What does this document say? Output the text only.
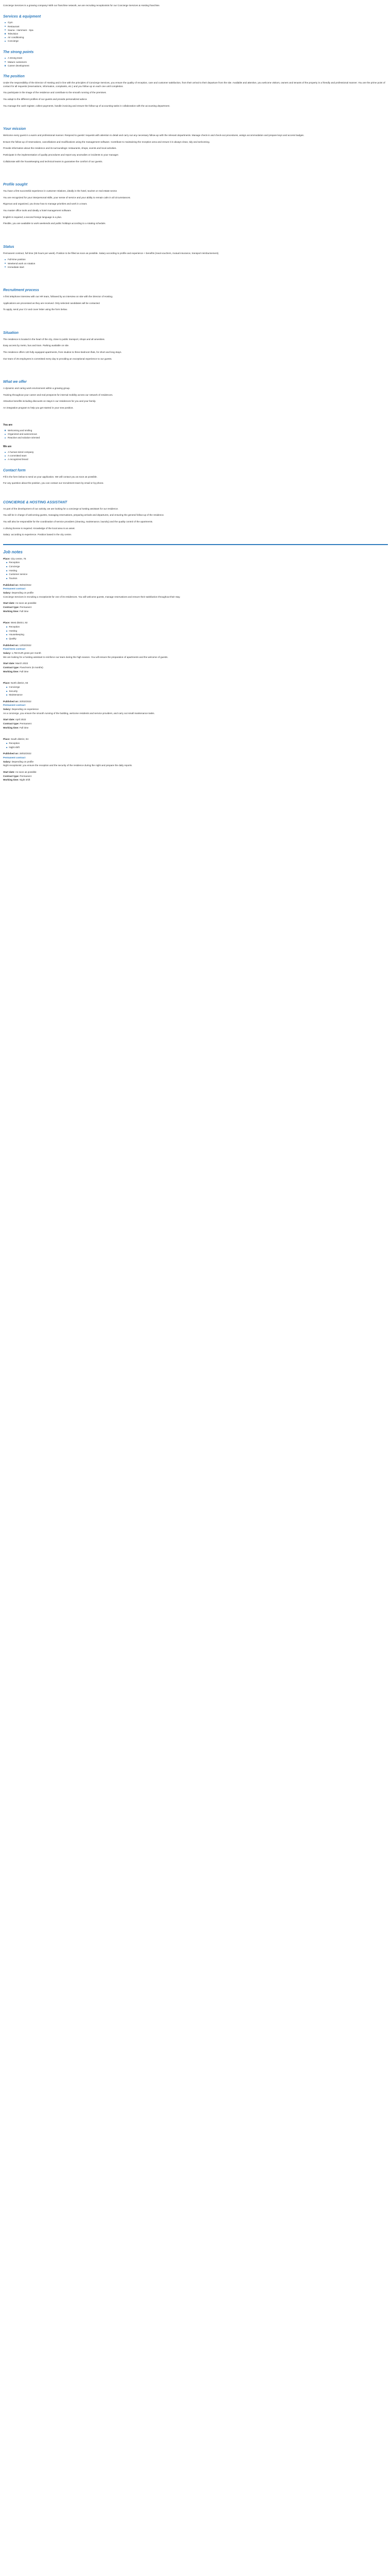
Concierge Services is a growing company! With our franchise network, we are recruiting receptionists for our Concierge Services & Hosting franchise.

Services & equipment
Gym
Restaurant
Sauna - Hammam - Spa
Television
Air conditioning
Concierge
The strong points
A strong team
Mature customers
Career development
The position

Under the responsibility of the Director of Hosting and in line with the principles of Concierge Services, you ensure the quality of reception, care and customer satisfaction, from their arrival to their departure from the site. Available and attentive, you welcome visitors, owners and tenants of the property in a friendly and professional manner. You are the prime point of contact for all requests (reservations, information, complaints, etc.) and you follow up on each one until completion.

You participate in the image of the residence and contribute to the smooth running of the premises.

You adapt to the different profiles of our guests and provide personalized advice.

You manage the cash register, collect payments, handle invoicing and ensure the follow-up of accounting tasks in collaboration with the accounting department.

Your mission

Welcome every guest in a warm and professional manner. Respond to guests' requests with attention to detail and carry out any necessary follow-up with the relevant departments. Manage check-in and check-out procedures, assign accommodation and prepare keys and access badges.

Ensure the follow-up of reservations, cancellations and modifications using the management software. Contribute to maintaining the reception area and ensure it is always clean, tidy and welcoming.

Provide information about the residence and its surroundings: restaurants, shops, events and local activities.

Participate in the implementation of quality procedures and report any anomalies or incidents to your manager.

Collaborate with the housekeeping and technical teams to guarantee the comfort of our guests.

Profile sought

You have a first successful experience in customer relations, ideally in the hotel, tourism or real estate sector.

You are recognized for your interpersonal skills, your sense of service and your ability to remain calm in all circumstances.

Rigorous and organized, you know how to manage priorities and work in a team.

You master office tools and ideally a hotel management software.

English is required; a second foreign language is a plus.

Flexible, you are available to work weekends and public holidays according to a rotating schedule.

Status

Permanent contract, full time (35 hours per week). Position to be filled as soon as possible. Salary according to profile and experience + benefits (meal vouchers, mutual insurance, transport reimbursement).

Full-time position
Weekend work on rotation
Immediate start
Recruitment process

A first telephone interview with our HR team, followed by an interview on site with the Director of Hosting.

Applications are processed as they are received. Only selected candidates will be contacted.

To apply, send your CV and cover letter using the form below.

Situation

The residence is located in the heart of the city, close to public transport, shops and all amenities.

Easy access by metro, bus and tram. Parking available on site.

The residence offers 120 fully equipped apartments, from studios to three-bedroom flats, for short and long stays.

Our team of 25 employees is committed every day to providing an exceptional experience to our guests.

What we offer

A dynamic and caring work environment within a growing group.

Training throughout your career and real prospects for internal mobility across our network of residences.

Attractive benefits including discounts on stays in our residences for you and your family.

An integration program to help you get started in your new position.

You are
Welcoming and smiling
Organized and autonomous
Reactive and solution-oriented
We are
A human-sized company
A committed team
A recognized brand
Contact form

Fill in the form below to send us your application. We will contact you as soon as possible.

For any question about the position, you can contact our recruitment team by email or by phone.

CONCIERGE & HOSTING ASSISTANT

As part of the development of our activity, we are looking for a concierge & hosting assistant for our residence.

You will be in charge of welcoming guests, managing reservations, preparing arrivals and departures, and ensuring the general follow-up of the residence.

You will also be responsible for the coordination of service providers (cleaning, maintenance, laundry) and the quality control of the apartments.

A driving license is required. Knowledge of the local area is an asset.

Salary: according to experience. Position based in the city centre.

Job notes
Place: City centre, 75
■ Reception
■ Concierge
■ Hosting
■ Customer service
■ Tourism
Published on: 05/02/2022
Permanent contract
Salary: Depending on profile

Concierge Services is recruiting a receptionist for one of its residences. You will welcome guests, manage reservations and ensure their satisfaction throughout their stay.

Start date: As soon as possible
Contract type: Permanent
Working time: Full time
Place: West district, 92
■ Reception
■ Hosting
■ Housekeeping
■ Quality
Published on: 12/02/2022
Fixed-term contract
Salary: 1,750 EUR gross per month

We are looking for a hosting assistant to reinforce our team during the high season. You will ensure the preparation of apartments and the welcome of guests.

Start date: March 2022
Contract type: Fixed-term (6 months)
Working time: Full time
Place: North district, 93
■ Concierge
■ Security
■ Maintenance
Published on: 20/02/2022
Permanent contract
Salary: Depending on experience

As a concierge, you ensure the smooth running of the building, welcome residents and service providers, and carry out small maintenance tasks.

Start date: April 2022
Contract type: Permanent
Working time: Full time
Place: South district, 94
■ Reception
■ Night shift
Published on: 28/02/2022
Permanent contract
Salary: Depending on profile

Night receptionist: you ensure the reception and the security of the residence during the night and prepare the daily reports.

Start date: As soon as possible
Contract type: Permanent
Working time: Night shift
